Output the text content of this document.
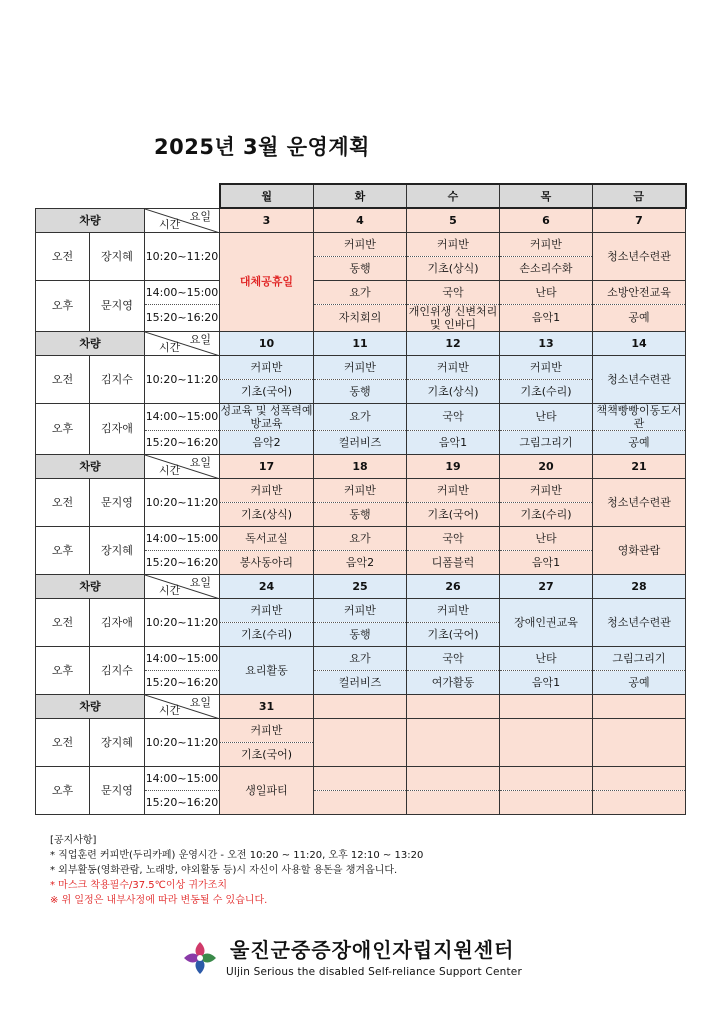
2025년 3월 운영계획
			월	화	수	목	금
차량		요일
시간	3	4	5	6	7
오전	장지혜	10:20~11:20	대체공휴일	커피반	커피반	커피반	청소년수련관
				동행	기초(상식)	손소리수화	
오후	문지영	14:00~15:00		요가	국악	난타	소방안전교육
		15:20~16:20		자치회의	개인위생 신변처리 및 인바디	음악1	공예
차량		요일
시간	10	11	12	13	14
오전	김지수	10:20~11:20	커피반	커피반	커피반	커피반	청소년수련관
			기초(국어)	동행	기초(상식)	기초(수리)	
오후	김자애	14:00~15:00	성교육 및 성폭력예방교육	요가	국악	난타	책책빵빵이동도서관
		15:20~16:20	음악2	컬러비즈	음악1	그림그리기	공예
차량		요일
시간	17	18	19	20	21
오전	문지영	10:20~11:20	커피반	커피반	커피반	커피반	청소년수련관
			기초(상식)	동행	기초(국어)	기초(수리)	
오후	장지혜	14:00~15:00	독서교실	요가	국악	난타	영화관람
		15:20~16:20	봉사동아리	음악2	디폼블럭	음악1	
차량		요일
시간	24	25	26	27	28
오전	김자애	10:20~11:20	커피반	커피반	커피반	장애인권교육	청소년수련관
			기초(수리)	동행	기초(국어)		
오후	김지수	14:00~15:00	요리활동	요가	국악	난타	그림그리기
		15:20~16:20		컬러비즈	여가활동	음악1	공예
차량		요일
시간	31				
오전	장지혜	10:20~11:20	커피반				
			기초(국어)				
오후	문지영	14:00~15:00	생일파티				
		15:20~16:20					
[공지사항]
* 직업훈련 커피반(두리카페) 운영시간 - 오전 10:20 ~ 11:20, 오후 12:10 ~ 13:20
* 외부활동(영화관람, 노래방, 야외활동 등)시 자신이 사용할 용돈을 챙겨옵니다.
* 마스크 착용필수/37.5℃이상 귀가조치
※ 위 일정은 내부사정에 따라 변동될 수 있습니다.
울진군중증장애인자립지원센터
Uljin Serious the disabled Self-reliance Support Center
